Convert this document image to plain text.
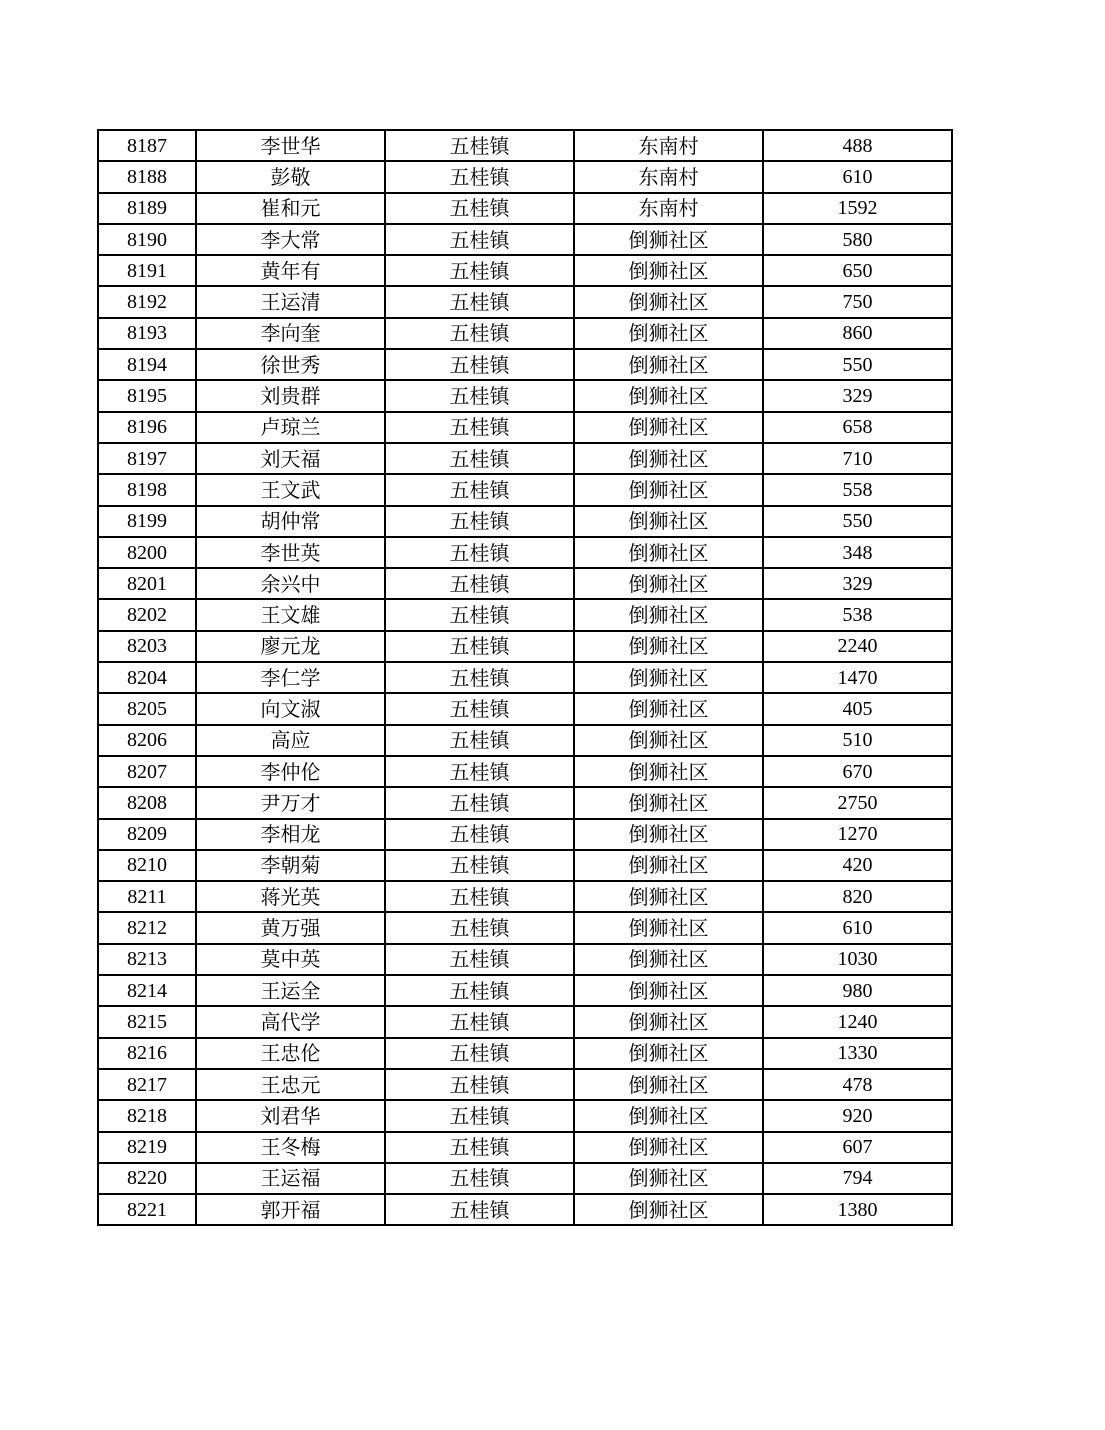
8187	李世华	五桂镇	东南村	488
8188	彭敬	五桂镇	东南村	610
8189	崔和元	五桂镇	东南村	1592
8190	李大常	五桂镇	倒狮社区	580
8191	黄年有	五桂镇	倒狮社区	650
8192	王运清	五桂镇	倒狮社区	750
8193	李向奎	五桂镇	倒狮社区	860
8194	徐世秀	五桂镇	倒狮社区	550
8195	刘贵群	五桂镇	倒狮社区	329
8196	卢琼兰	五桂镇	倒狮社区	658
8197	刘天福	五桂镇	倒狮社区	710
8198	王文武	五桂镇	倒狮社区	558
8199	胡仲常	五桂镇	倒狮社区	550
8200	李世英	五桂镇	倒狮社区	348
8201	余兴中	五桂镇	倒狮社区	329
8202	王文雄	五桂镇	倒狮社区	538
8203	廖元龙	五桂镇	倒狮社区	2240
8204	李仁学	五桂镇	倒狮社区	1470
8205	向文淑	五桂镇	倒狮社区	405
8206	高应	五桂镇	倒狮社区	510
8207	李仲伦	五桂镇	倒狮社区	670
8208	尹万才	五桂镇	倒狮社区	2750
8209	李相龙	五桂镇	倒狮社区	1270
8210	李朝菊	五桂镇	倒狮社区	420
8211	蒋光英	五桂镇	倒狮社区	820
8212	黄万强	五桂镇	倒狮社区	610
8213	莫中英	五桂镇	倒狮社区	1030
8214	王运全	五桂镇	倒狮社区	980
8215	高代学	五桂镇	倒狮社区	1240
8216	王忠伦	五桂镇	倒狮社区	1330
8217	王忠元	五桂镇	倒狮社区	478
8218	刘君华	五桂镇	倒狮社区	920
8219	王冬梅	五桂镇	倒狮社区	607
8220	王运福	五桂镇	倒狮社区	794
8221	郭开福	五桂镇	倒狮社区	1380
